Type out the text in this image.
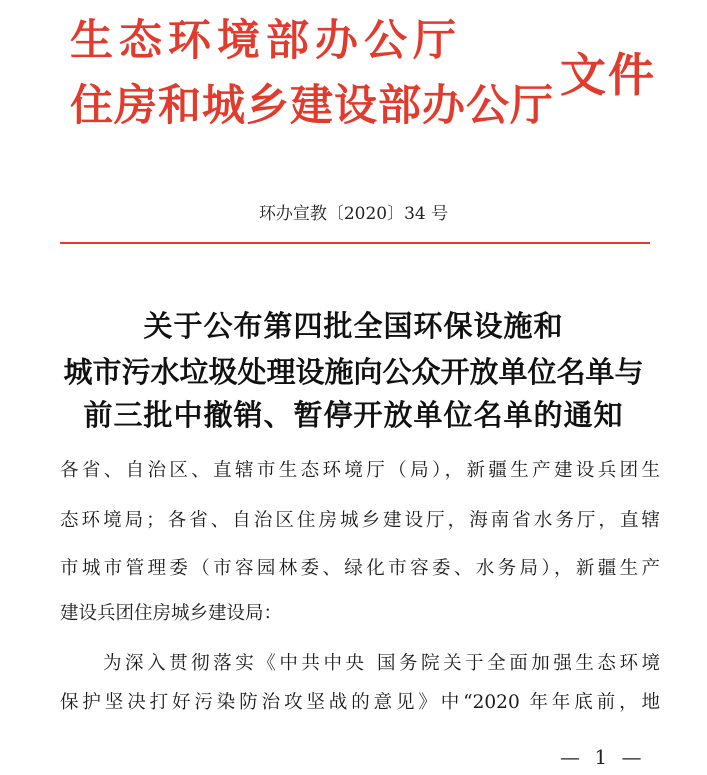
生态环境部办公厅
住房和城乡建设部办公厅
文件
环办宣教〔2020〕34 号
关于公布第四批全国环保设施和
城市污水垃圾处理设施向公众开放单位名单与
前三批中撤销、暂停开放单位名单的通知
各省、自治区、直辖市生态环境厅（局），新疆生产建设兵团生
态环境局；各省、自治区住房城乡建设厅，海南省水务厅，直辖
市城市管理委（市容园林委、绿化市容委、水务局），新疆生产
建设兵团住房城乡建设局：
为深入贯彻落实《中共中央 国务院关于全面加强生态环境
保护坚决打好污染防治攻坚战的意见》中“2020 年年底前，地
— 1 —
